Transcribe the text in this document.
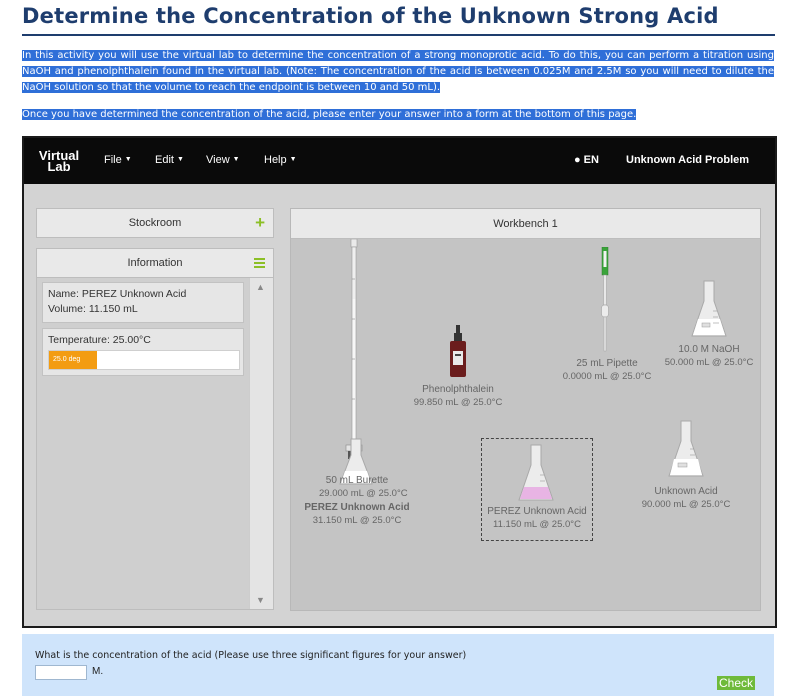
Determine the Concentration of the Unknown Strong Acid

In this activity you will use the virtual lab to determine the concentration of a strong monoprotic acid. To do this, you can perform a titration using NaOH and phenolphthalein found in the virtual lab. (Note: The concentration of the acid is between 0.025M and 2.5M so you will need to dilute the NaOH solution so that the volume to reach the endpoint is between 10 and 50 mL).

Once you have determined the concentration of the acid, please enter your answer into a form at the bottom of this page.

Virtual
Lab	File ▼ Edit ▼ View ▼ Help ▼	● EN Unknown Acid Problem
Stockroom	+
Information
Name: PEREZ Unknown Acid
Volume: 11.150 mL
Temperature: 25.00°C
25.0 deg
▲
▼
Workbench 1
50 mL Burette
29.000 mL @ 25.0°C
PEREZ Unknown Acid
31.150 mL @ 25.0°C
Phenolphthalein
99.850 mL @ 25.0°C
25 mL Pipette
0.0000 mL @ 25.0°C
10.0 M NaOH
50.000 mL @ 25.0°C
PEREZ Unknown Acid
11.150 mL @ 25.0°C
Unknown Acid
90.000 mL @ 25.0°C
What is the concentration of the acid (Please use three significant figures for your answer)
M.
Check
